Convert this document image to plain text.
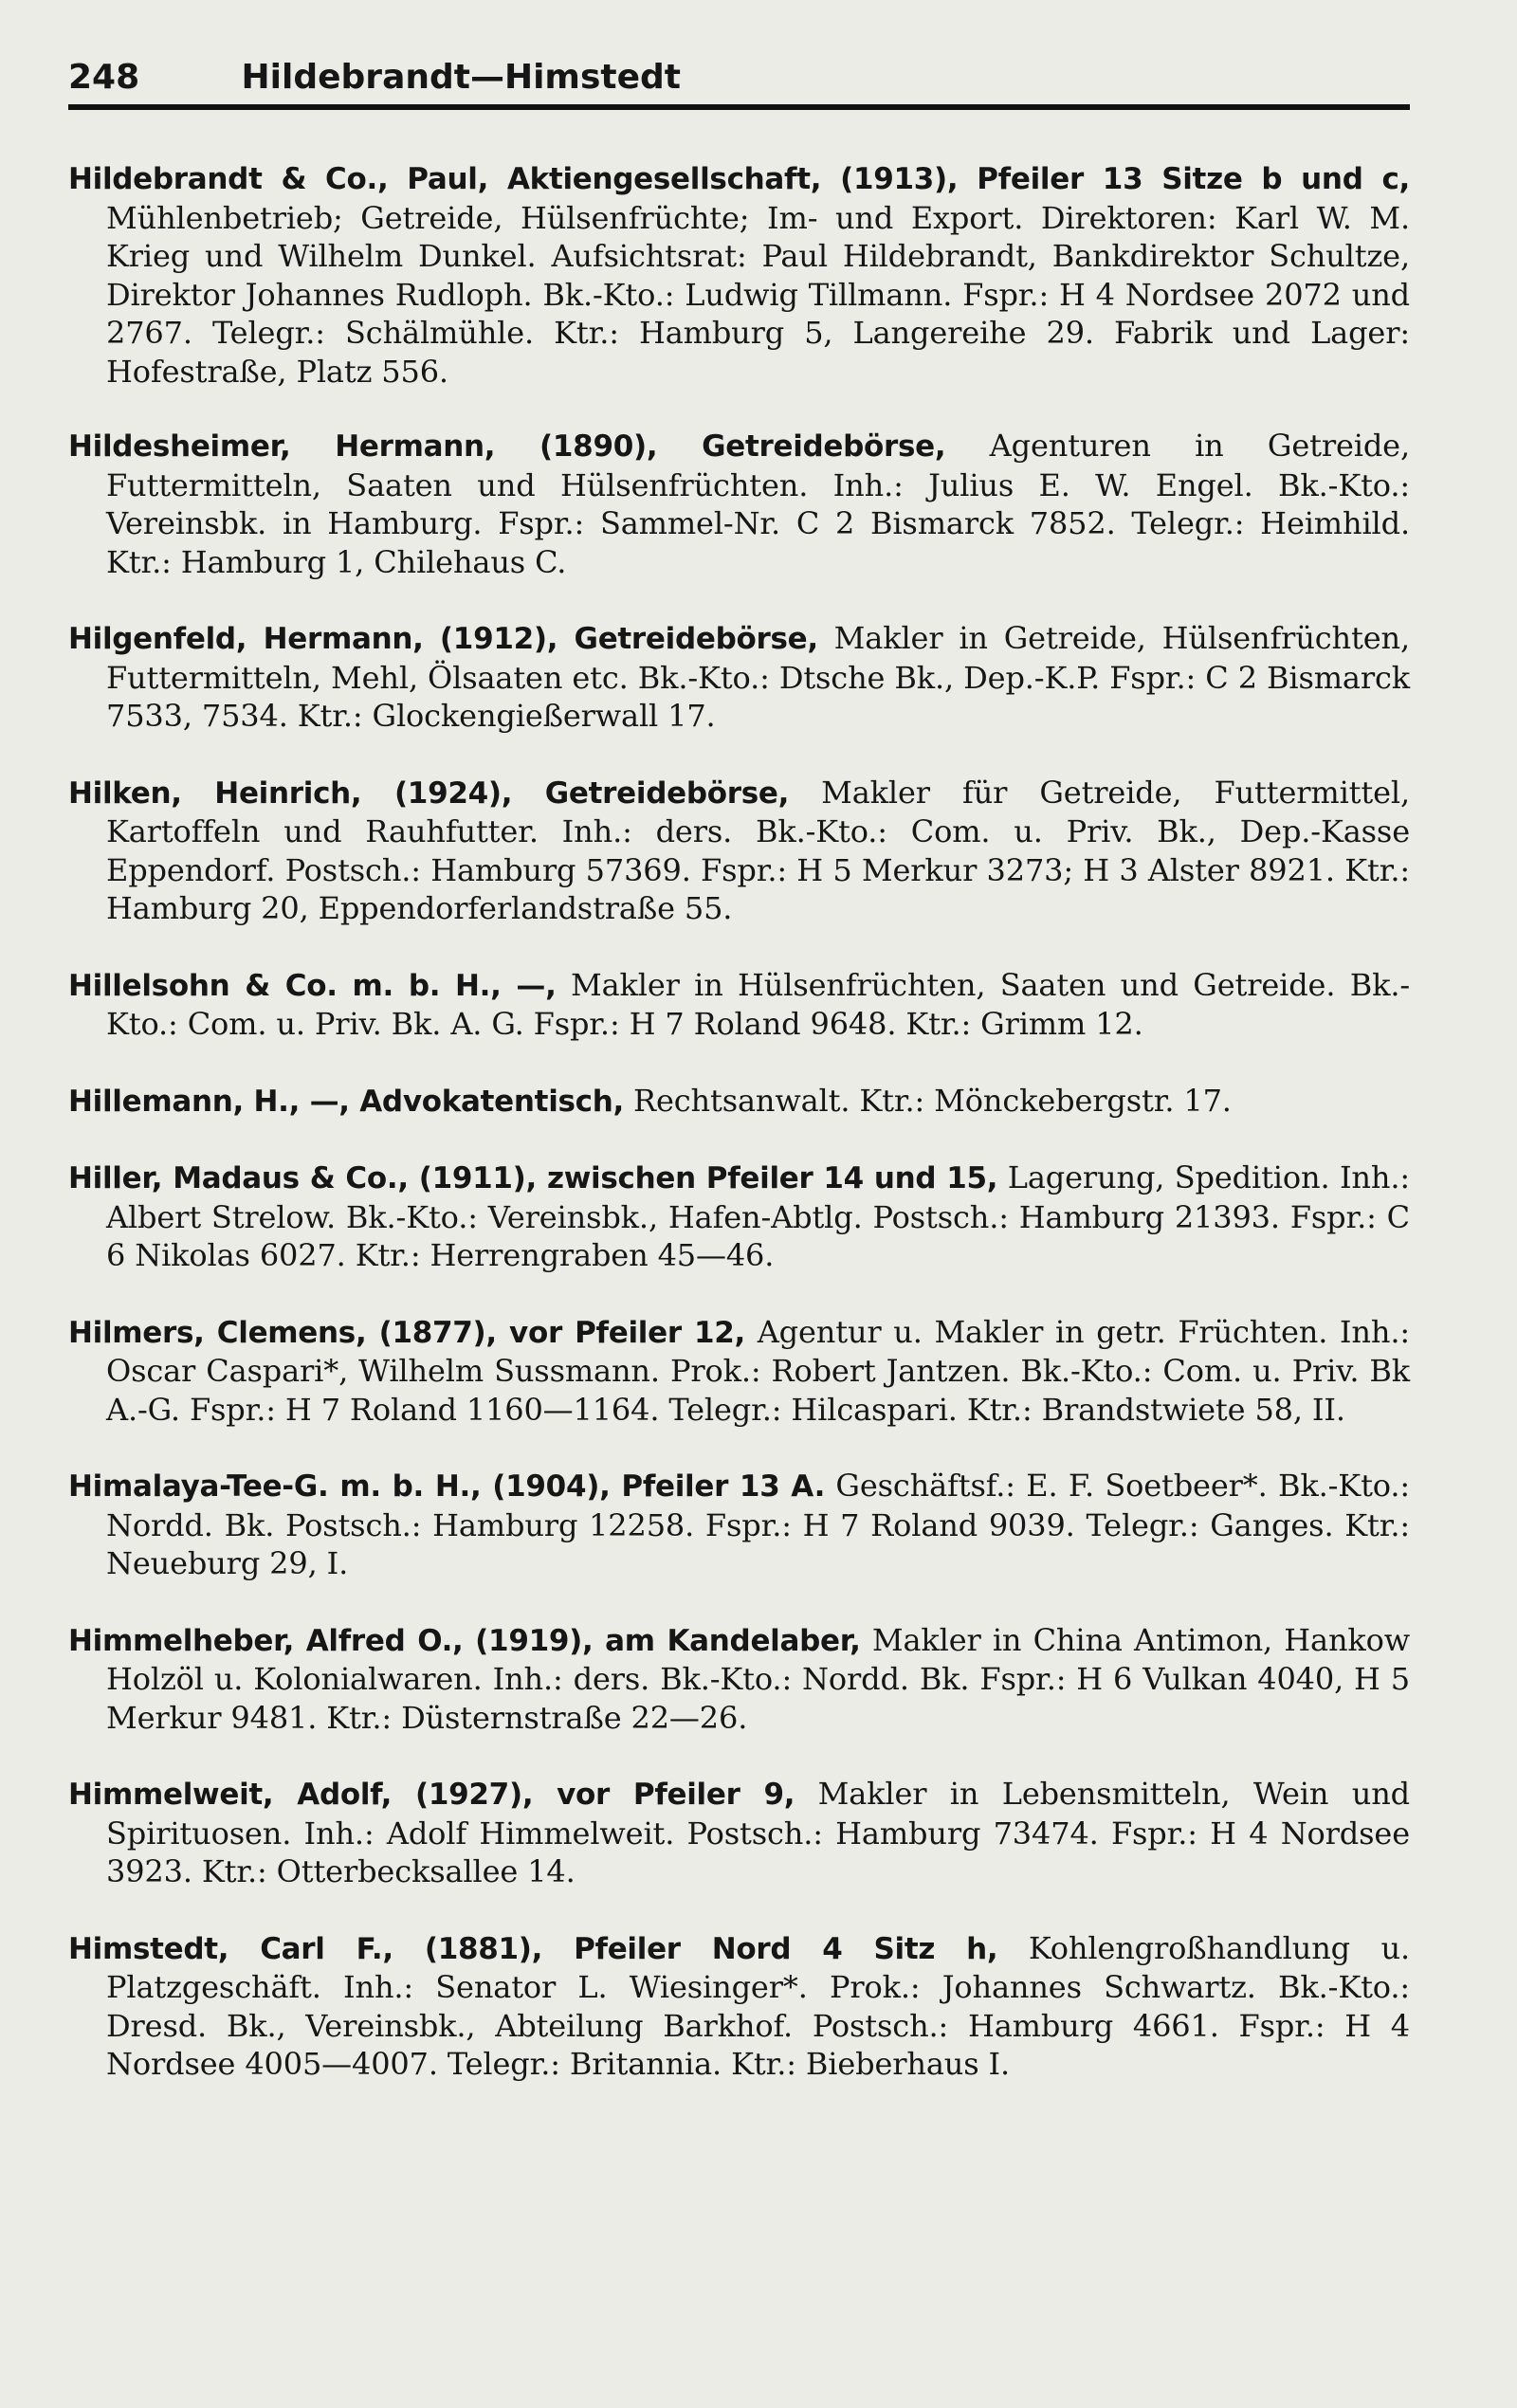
248	Hildebrandt—Himstedt

Hildebrandt & Co., Paul, Aktiengesellschaft, (1913), Pfeiler 13 Sitze b und c, Mühlenbetrieb; Getreide, Hülsenfrüchte; Im- und Export. Direktoren: Karl W. M. Krieg und Wilhelm Dunkel. Aufsichtsrat: Paul Hildebrandt, Bankdirektor Schultze, Direktor Johannes Rudloph. Bk.-Kto.: Ludwig Tillmann. Fspr.: H 4 Nordsee 2072 und 2767. Telegr.: Schälmühle. Ktr.: Hamburg 5, Langereihe 29. Fabrik und Lager: Hofestraße, Platz 556.

Hildesheimer, Hermann, (1890), Getreidebörse, Agenturen in Getreide, Futtermitteln, Saaten und Hülsenfrüchten. Inh.: Julius E. W. Engel. Bk.-Kto.: Vereinsbk. in Hamburg. Fspr.: Sammel-Nr. C 2 Bismarck 7852. Telegr.: Heimhild. Ktr.: Hamburg 1, Chilehaus C.

Hilgenfeld, Hermann, (1912), Getreidebörse, Makler in Getreide, Hülsenfrüchten, Futtermitteln, Mehl, Ölsaaten etc. Bk.-Kto.: Dtsche Bk., Dep.-K.P. Fspr.: C 2 Bismarck 7533, 7534. Ktr.: Glockengießerwall 17.

Hilken, Heinrich, (1924), Getreidebörse, Makler für Getreide, Futtermittel, Kartoffeln und Rauhfutter. Inh.: ders. Bk.-Kto.: Com. u. Priv. Bk., Dep.-Kasse Eppendorf. Postsch.: Hamburg 57369. Fspr.: H 5 Merkur 3273; H 3 Alster 8921. Ktr.: Hamburg 20, Eppendorferlandstraße 55.

Hillelsohn & Co. m. b. H., —, Makler in Hülsenfrüchten, Saaten und Getreide. Bk.-Kto.: Com. u. Priv. Bk. A. G. Fspr.: H 7 Roland 9648. Ktr.: Grimm 12.

Hillemann, H., —, Advokatentisch, Rechtsanwalt. Ktr.: Mönckebergstr. 17.

Hiller, Madaus & Co., (1911), zwischen Pfeiler 14 und 15, Lagerung, Spedition. Inh.: Albert Strelow. Bk.-Kto.: Vereinsbk., Hafen-Abtlg. Postsch.: Hamburg 21393. Fspr.: C 6 Nikolas 6027. Ktr.: Herrengraben 45—46.

Hilmers, Clemens, (1877), vor Pfeiler 12, Agentur u. Makler in getr. Früchten. Inh.: Oscar Caspari*, Wilhelm Sussmann. Prok.: Robert Jantzen. Bk.-Kto.: Com. u. Priv. Bk A.-G. Fspr.: H 7 Roland 1160—1164. Telegr.: Hilcaspari. Ktr.: Brandstwiete 58, II.

Himalaya-Tee-G. m. b. H., (1904), Pfeiler 13 A. Geschäftsf.: E. F. Soetbeer*. Bk.-Kto.: Nordd. Bk. Postsch.: Hamburg 12258. Fspr.: H 7 Roland 9039. Telegr.: Ganges. Ktr.: Neueburg 29, I.

Himmelheber, Alfred O., (1919), am Kandelaber, Makler in China Antimon, Hankow Holzöl u. Kolonialwaren. Inh.: ders. Bk.-Kto.: Nordd. Bk. Fspr.: H 6 Vulkan 4040, H 5 Merkur 9481. Ktr.: Düsternstraße 22—26.

Himmelweit, Adolf, (1927), vor Pfeiler 9, Makler in Lebensmitteln, Wein und Spirituosen. Inh.: Adolf Himmelweit. Postsch.: Hamburg 73474. Fspr.: H 4 Nordsee 3923. Ktr.: Otterbecksallee 14.

Himstedt, Carl F., (1881), Pfeiler Nord 4 Sitz h, Kohlengroßhandlung u. Platzgeschäft. Inh.: Senator L. Wiesinger*. Prok.: Johannes Schwartz. Bk.-Kto.: Dresd. Bk., Vereinsbk., Abteilung Barkhof. Postsch.: Hamburg 4661. Fspr.: H 4 Nordsee 4005—4007. Telegr.: Britannia. Ktr.: Bieberhaus I.
